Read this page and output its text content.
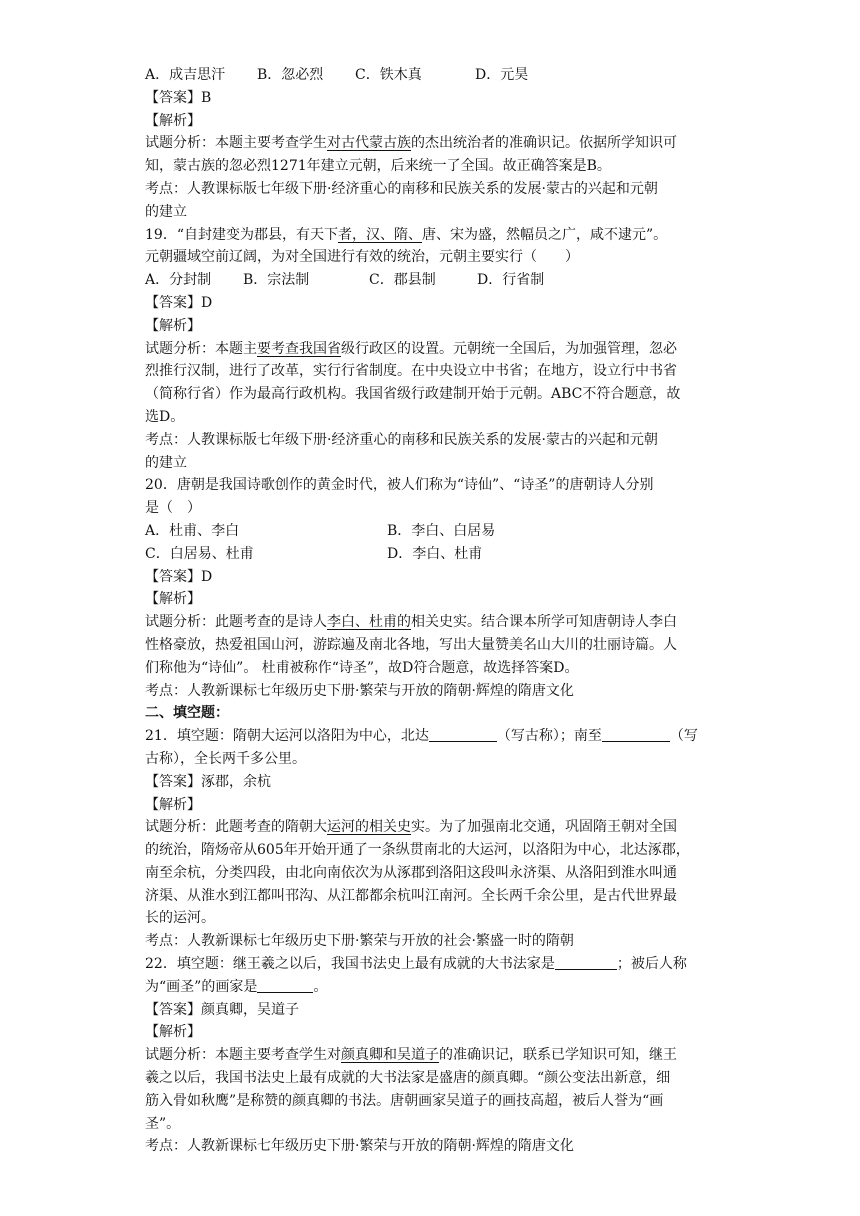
A．成吉思汗 B．忽必烈 C．铁木真	D．元昊
【答案】B
【解析】
试题分析：本题主要考查学生对古代蒙古族的杰出统治者的准确识记。依据所学知识可
知，蒙古族的忽必烈1271年建立元朝，后来统一了全国。故正确答案是B。
考点：人教课标版七年级下册·经济重心的南移和民族关系的发展·蒙古的兴起和元朝
的建立
19．“自封建变为郡县，有天下者，汉、隋、唐、宋为盛，然幅员之广，咸不逮元”。
元朝疆域空前辽阔，为对全国进行有效的统治，元朝主要实行（　　）
A．分封制 B．宗法制	C．郡县制	D．行省制
【答案】D
【解析】
试题分析：本题主要考查我国省级行政区的设置。元朝统一全国后，为加强管理，忽必
烈推行汉制，进行了改革，实行行省制度。在中央设立中书省；在地方，设立行中书省
（简称行省）作为最高行政机构。我国省级行政建制开始于元朝。ABC不符合题意，故
选D。
考点：人教课标版七年级下册·经济重心的南移和民族关系的发展·蒙古的兴起和元朝
的建立
20．唐朝是我国诗歌创作的黄金时代，被人们称为“诗仙”、“诗圣”的唐朝诗人分别
是（　）
A．杜甫、李白	B．李白、白居易
C．白居易、杜甫	D．李白、杜甫
【答案】D
【解析】
试题分析：此题考查的是诗人李白、杜甫的相关史实。结合课本所学可知唐朝诗人李白
性格豪放，热爱祖国山河，游踪遍及南北各地，写出大量赞美名山大川的壮丽诗篇。人
们称他为“诗仙”。 杜甫被称作“诗圣”，故D符合题意，故选择答案D。
考点：人教新课标七年级历史下册·繁荣与开放的隋朝·辉煌的隋唐文化
二、填空题：
21．填空题：隋朝大运河以洛阳为中心，北达	（写古称）；南至	（写
古称），全长两千多公里。
【答案】涿郡，余杭
【解析】
试题分析：此题考查的隋朝大运河的相关史实。为了加强南北交通，巩固隋王朝对全国
的统治，隋炀帝从605年开始开通了一条纵贯南北的大运河，以洛阳为中心，北达涿郡，
南至余杭，分类四段，由北向南依次为从涿郡到洛阳这段叫永济渠、从洛阳到淮水叫通
济渠、从淮水到江都叫邗沟、从江都都余杭叫江南河。全长两千余公里，是古代世界最
长的运河。
考点：人教新课标七年级历史下册·繁荣与开放的社会·繁盛一时的隋朝
22．填空题：继王羲之以后，我国书法史上最有成就的大书法家是	；被后人称
为“画圣”的画家是	。
【答案】颜真卿，吴道子
【解析】
试题分析：本题主要考查学生对颜真卿和吴道子的准确识记，联系已学知识可知，继王
羲之以后，我国书法史上最有成就的大书法家是盛唐的颜真卿。“颜公变法出新意，细
筋入骨如秋鹰”是称赞的颜真卿的书法。唐朝画家吴道子的画技高超，被后人誉为“画
圣”。
考点：人教新课标七年级历史下册·繁荣与开放的隋朝·辉煌的隋唐文化
